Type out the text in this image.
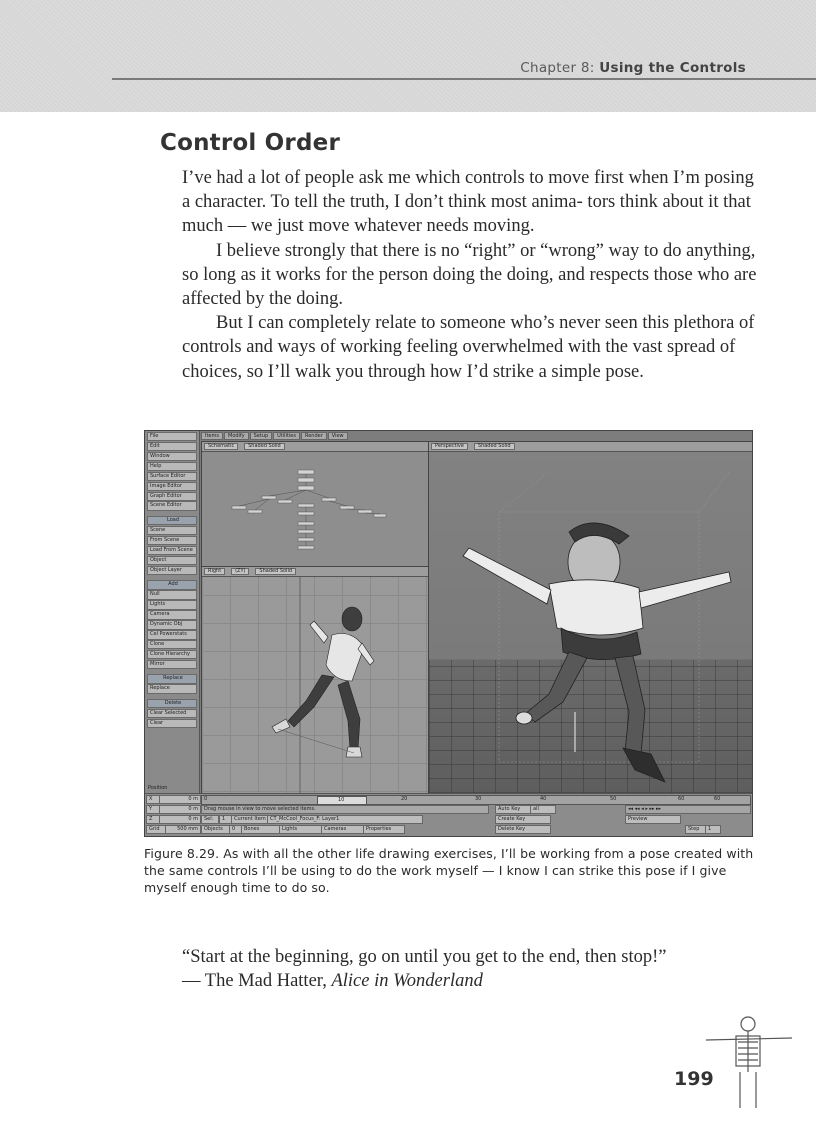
Chapter 8: Using the Controls
Control Order

I’ve had a lot of people ask me which controls to move first when I’m posing a character. To tell the truth, I don’t think most anima- tors think about it that much — we just move whatever needs moving.

I believe strongly that there is no “right” or “wrong” way to do anything, so long as it works for the person doing the doing, and respects those who are affected by the doing.

But I can completely relate to someone who’s never seen this plethora of controls and ways of working feeling overwhelmed with the vast spread of choices, so I’ll walk you through how I’d strike a simple pose.

File
Edit
Window
Help
Surface Editor
Image Editor
Graph Editor
Scene Editor
Load
Scene
From Scene
Load From Scene
Object
Object Layer
Add
Null
Lights
Camera
Dynamic Obj
Cel Powerstats
Clone
Clone Hierarchy
Mirror
Replace
Replace
Delete
Clear Selected
Clear
Items	Modify	Setup	Utilities	Render	View
Schematic	Shaded Solid
Right	(ZY)	Shaded Solid
Perspective	Shaded Solid
Position
X	0 m	0	10	20	30	40	50	60	60
Y	0 m	Drag mouse in view to move selected items.	Auto Key	all	◂◂ ◂◂ ◂ ▸ ▸▸ ▸▸
Z	0 m	Sel:	1	Current Item CT_McCool_Focus_F: Layer1	Create Key	Preview
Grid	500 mm	Objects	0	Bones	Lights	Cameras	Properties	Delete Key	Step	1
Figure 8.29. As with all the other life drawing exercises, I’ll be working from a pose created with the same controls I’ll be using to do the work myself — I know I can strike this pose if I give myself enough time to do so.
“Start at the beginning, go on until you get to the end, then stop!”
— The Mad Hatter, Alice in Wonderland
199
